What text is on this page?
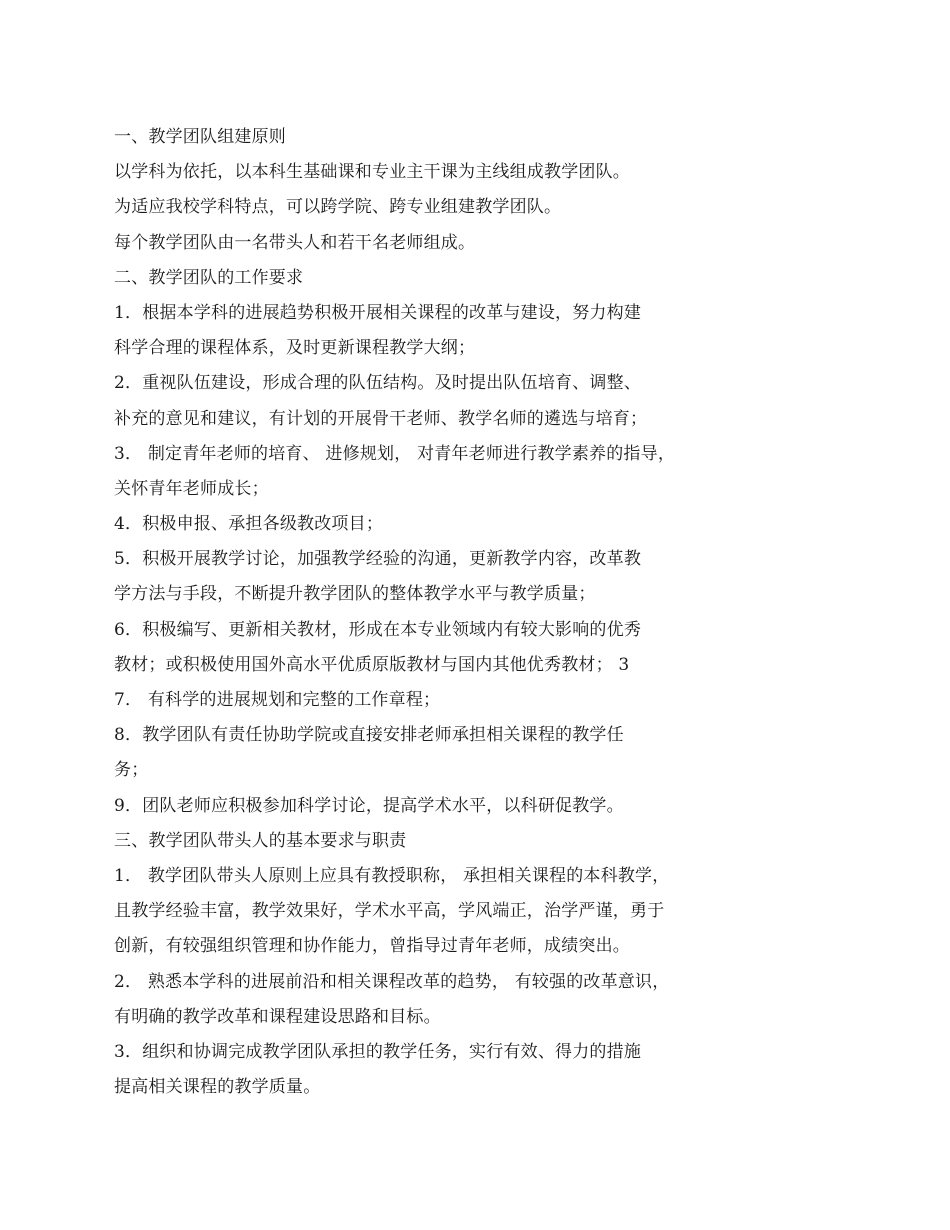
一、教学团队组建原则
以学科为依托，以本科生基础课和专业主干课为主线组成教学团队。
为适应我校学科特点，可以跨学院、跨专业组建教学团队。
每个教学团队由一名带头人和若干名老师组成。
二、教学团队的工作要求
1．根据本学科的进展趋势积极开展相关课程的改革与建设，努力构建
科学合理的课程体系，及时更新课程教学大纲；
2．重视队伍建设，形成合理的队伍结构。及时提出队伍培育、调整、
补充的意见和建议，有计划的开展骨干老师、教学名师的遴选与培育；
3． 制定青年老师的培育、 进修规划， 对青年老师进行教学素养的指导，
关怀青年老师成长；
4．积极申报、承担各级教改项目；
5．积极开展教学讨论，加强教学经验的沟通，更新教学内容，改革教
学方法与手段，不断提升教学团队的整体教学水平与教学质量；
6．积极编写、更新相关教材，形成在本专业领域内有较大影响的优秀
教材；或积极使用国外高水平优质原版教材与国内其他优秀教材； 3
7． 有科学的进展规划和完整的工作章程；
8．教学团队有责任协助学院或直接安排老师承担相关课程的教学任
务；
9．团队老师应积极参加科学讨论，提高学术水平，以科研促教学。
三、教学团队带头人的基本要求与职责
1． 教学团队带头人原则上应具有教授职称， 承担相关课程的本科教学，
且教学经验丰富，教学效果好，学术水平高，学风端正，治学严谨，勇于
创新，有较强组织管理和协作能力，曾指导过青年老师，成绩突出。
2． 熟悉本学科的进展前沿和相关课程改革的趋势， 有较强的改革意识，
有明确的教学改革和课程建设思路和目标。
3．组织和协调完成教学团队承担的教学任务，实行有效、得力的措施
提高相关课程的教学质量。
